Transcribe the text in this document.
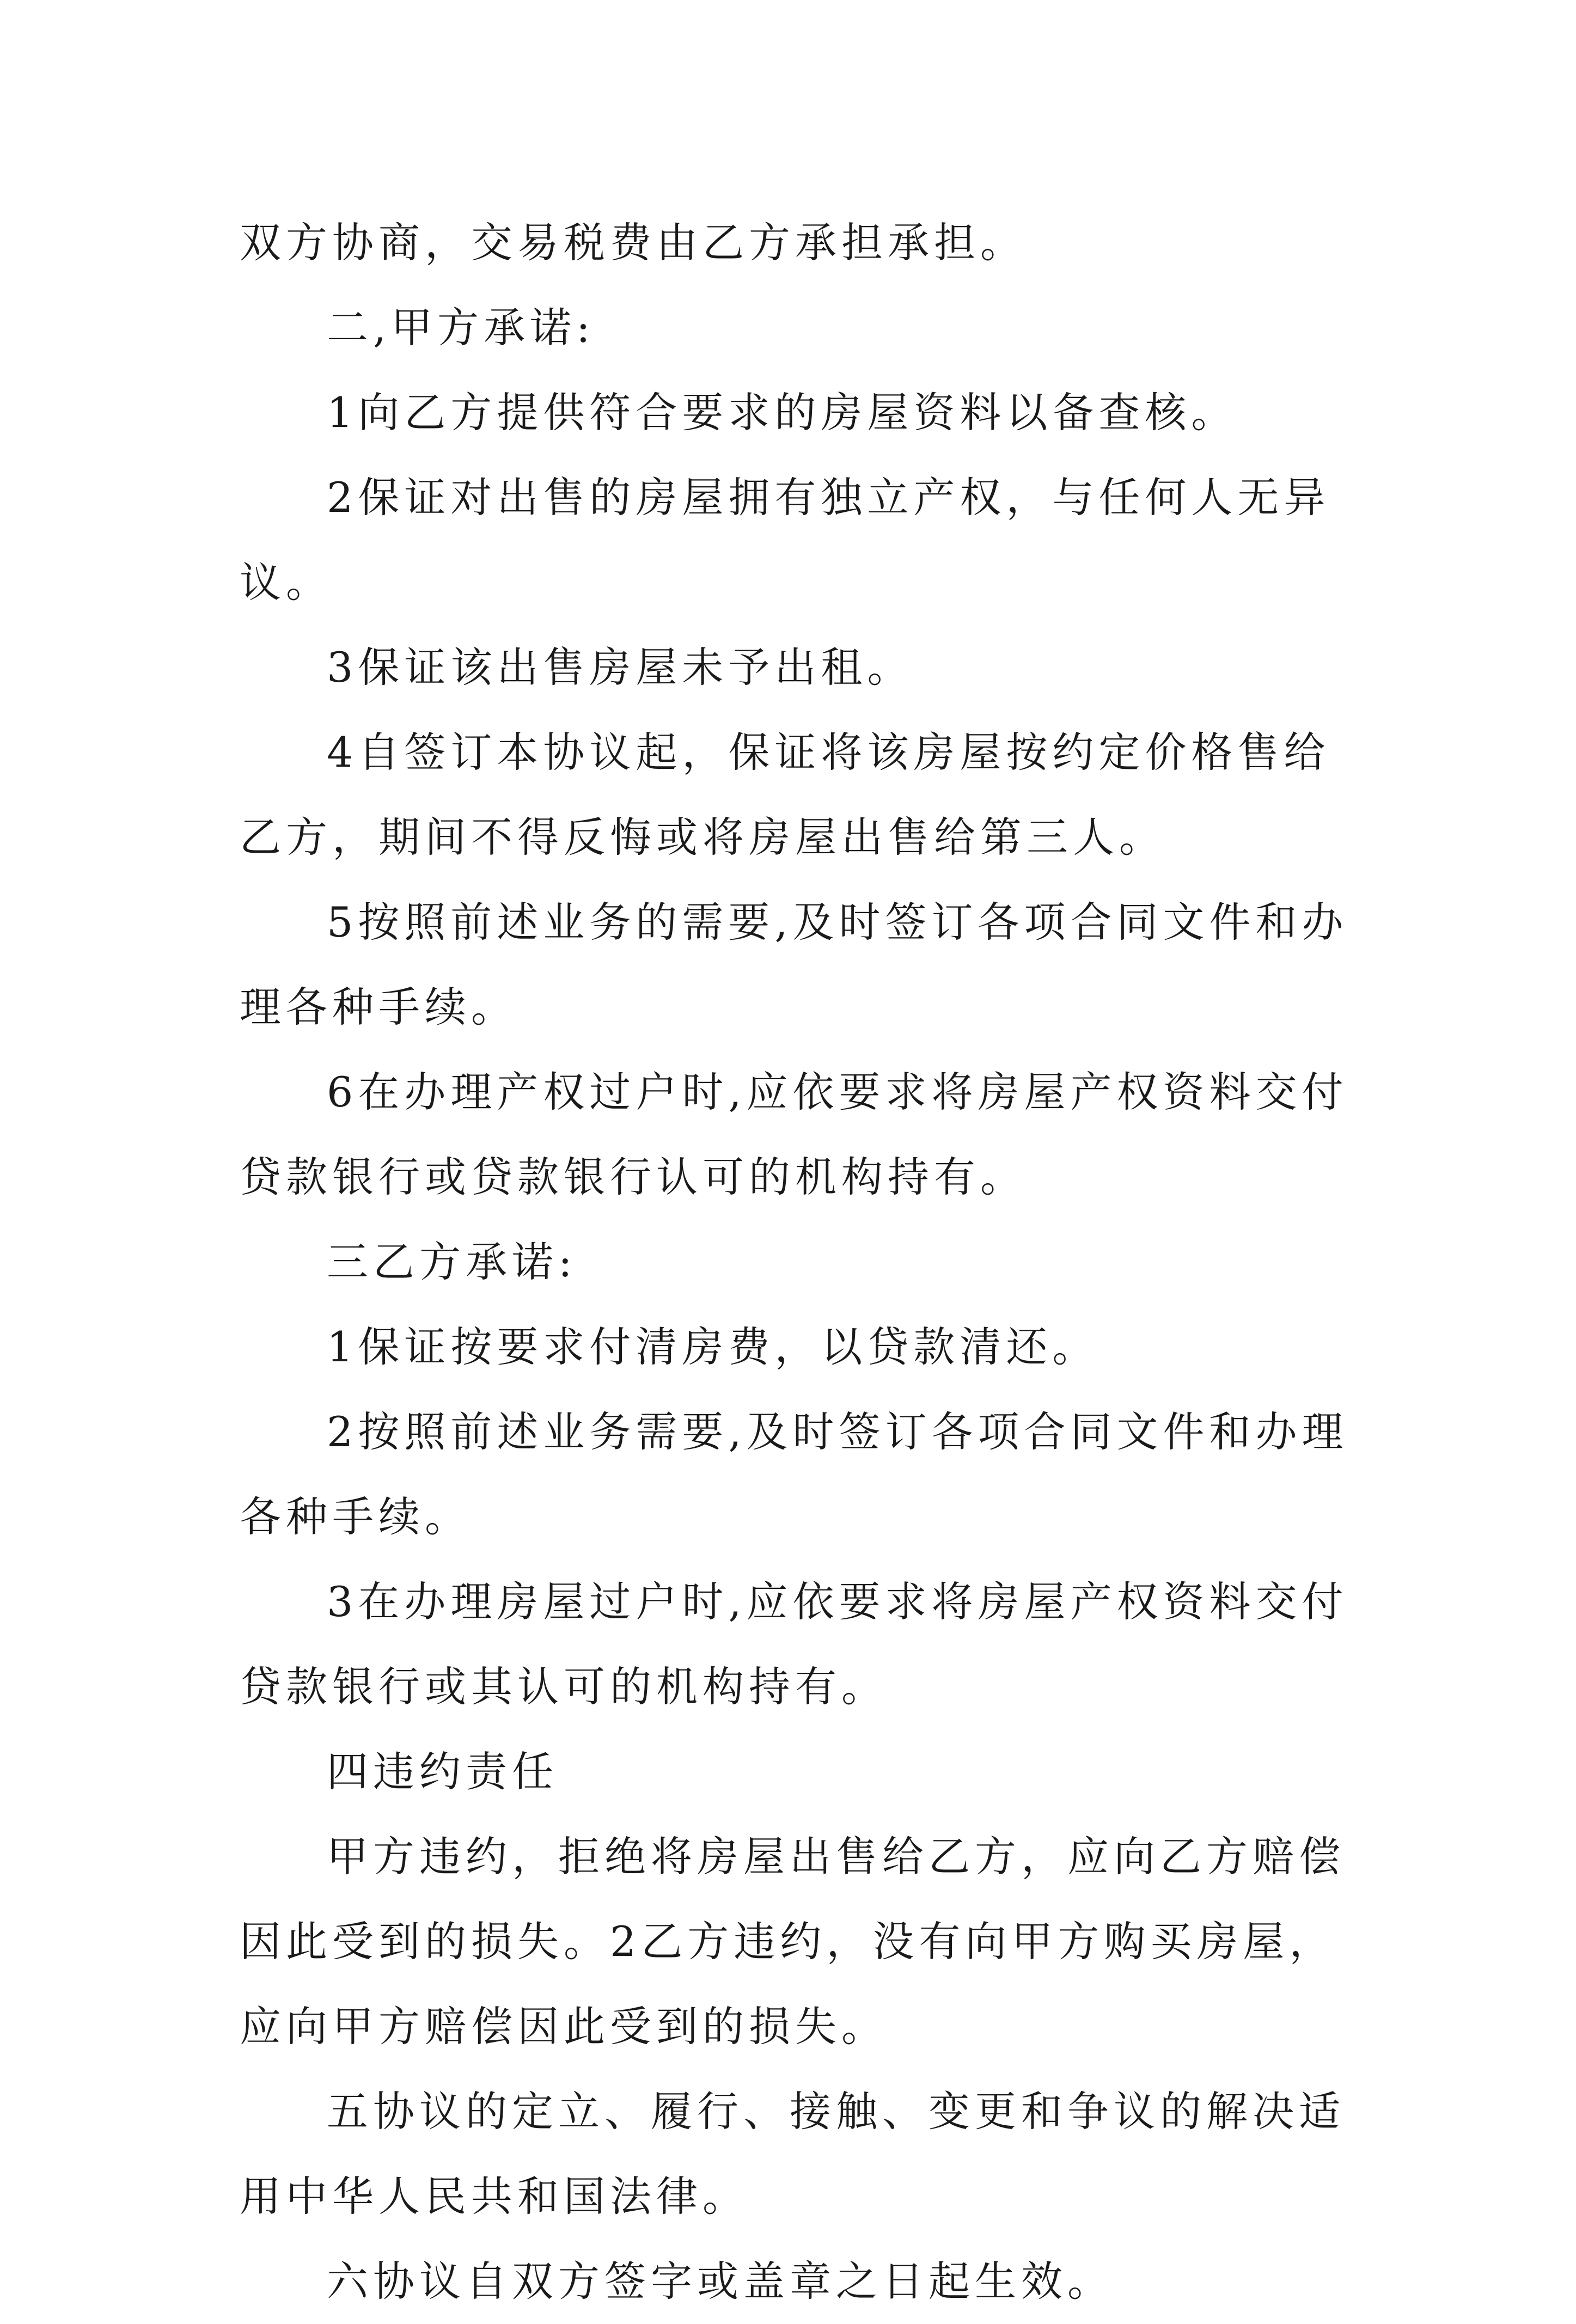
双方协商，交易税费由乙方承担承担。

二,甲方承诺:

1向乙方提供符合要求的房屋资料以备查核。

2保证对出售的房屋拥有独立产权，与任何人无异议。

3保证该出售房屋未予出租。

4自签订本协议起，保证将该房屋按约定价格售给乙方，期间不得反悔或将房屋出售给第三人。

5按照前述业务的需要,及时签订各项合同文件和办理各种手续。

6在办理产权过户时,应依要求将房屋产权资料交付贷款银行或贷款银行认可的机构持有。

三乙方承诺:

1保证按要求付清房费，以贷款清还。

2按照前述业务需要,及时签订各项合同文件和办理各种手续。

3在办理房屋过户时,应依要求将房屋产权资料交付贷款银行或其认可的机构持有。

四违约责任

甲方违约，拒绝将房屋出售给乙方，应向乙方赔偿因此受到的损失。2乙方违约，没有向甲方购买房屋，应向甲方赔偿因此受到的损失。

五协议的定立、履行、接触、变更和争议的解决适用中华人民共和国法律。

六协议自双方签字或盖章之日起生效。
